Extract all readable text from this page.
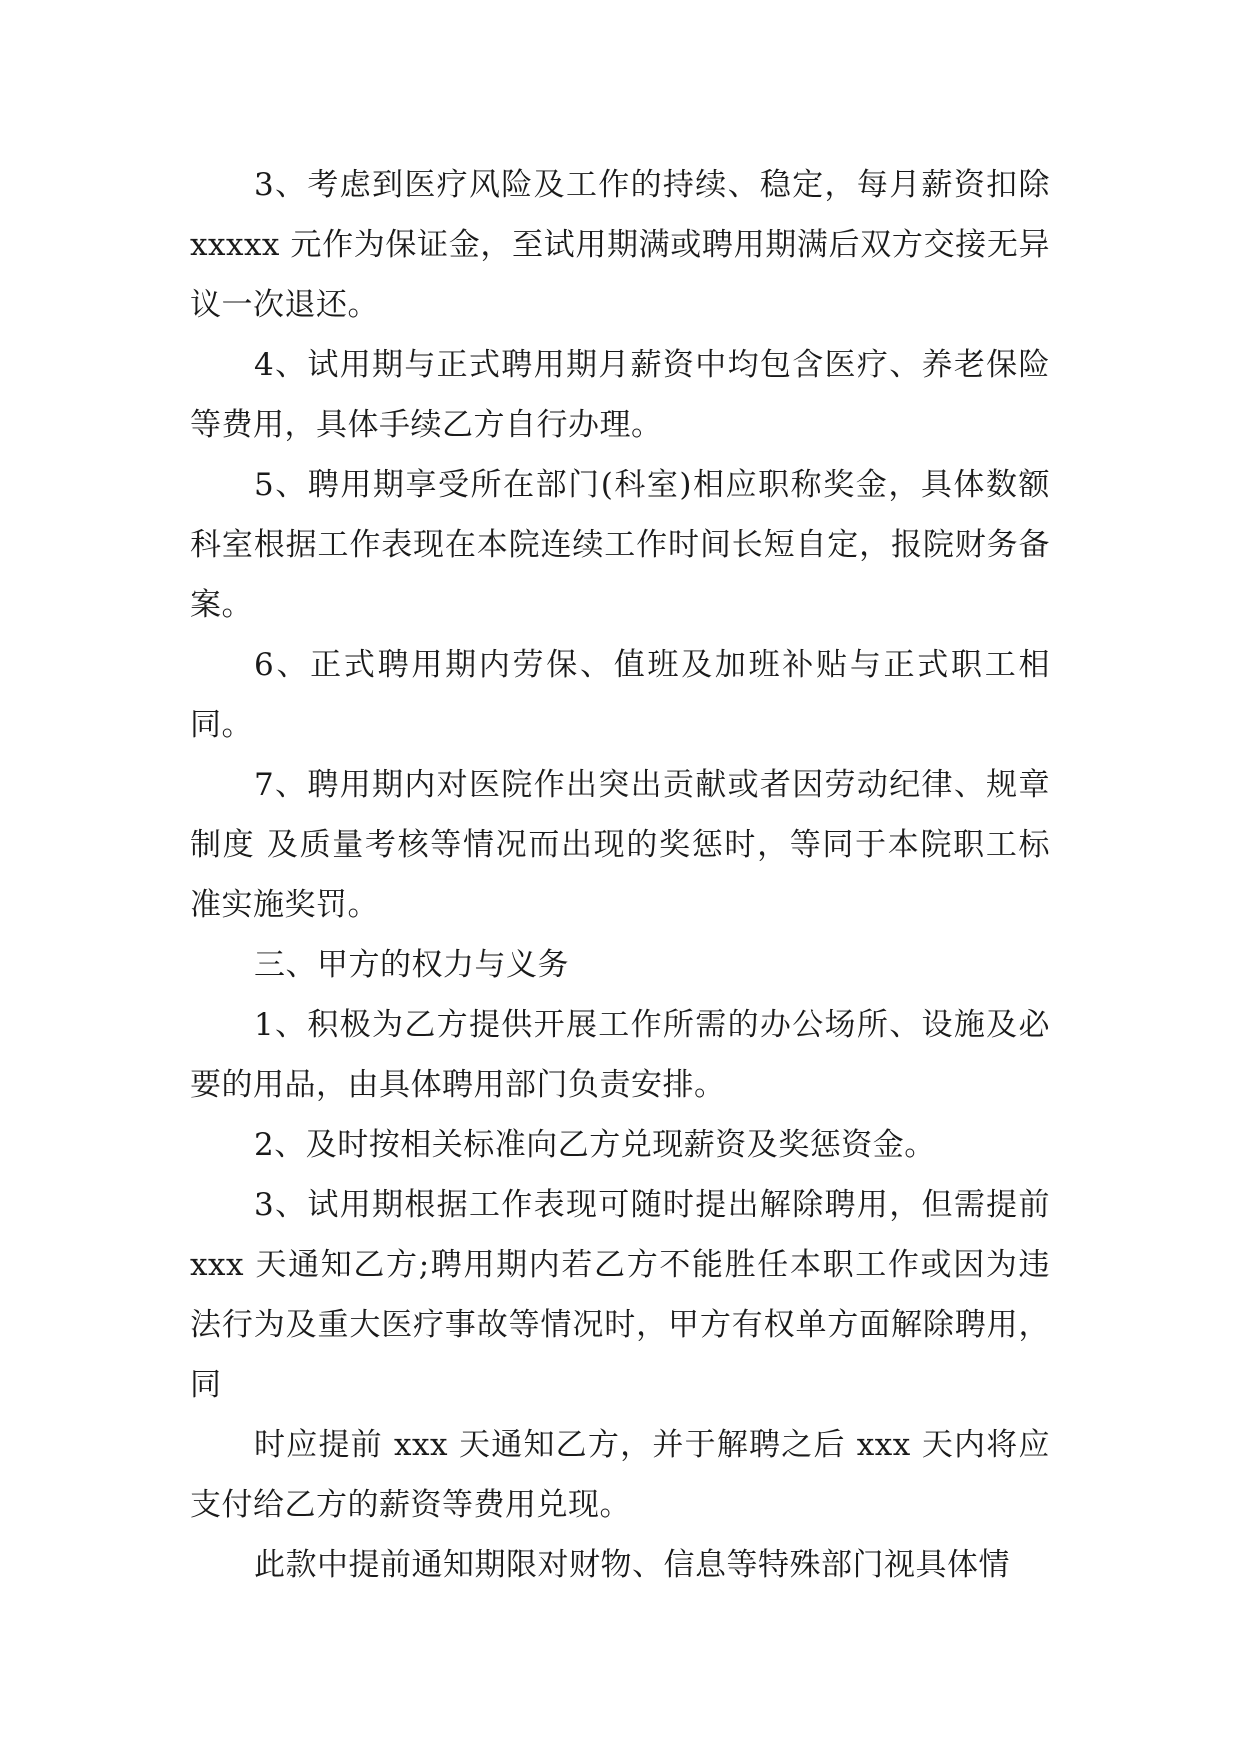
3、考虑到医疗风险及工作的持续、稳定，每月薪资扣除 xxxxx 元作为保证金，至试用期满或聘用期满后双方交接无异议一次退还。

4、试用期与正式聘用期月薪资中均包含医疗、养老保险等费用，具体手续乙方自行办理。

5、聘用期享受所在部门(科室)相应职称奖金，具体数额科室根据工作表现在本院连续工作时间长短自定，报院财务备案。

6、正式聘用期内劳保、值班及加班补贴与正式职工相同。

7、聘用期内对医院作出突出贡献或者因劳动纪律、规章制度 及质量考核等情况而出现的奖惩时，等同于本院职工标准实施奖罚。

三、甲方的权力与义务

1、积极为乙方提供开展工作所需的办公场所、设施及必要的用品，由具体聘用部门负责安排。

2、及时按相关标准向乙方兑现薪资及奖惩资金。

3、试用期根据工作表现可随时提出解除聘用，但需提前 xxx 天通知乙方;聘用期内若乙方不能胜任本职工作或因为违法行为及重大医疗事故等情况时，甲方有权单方面解除聘用，同

时应提前 xxx 天通知乙方，并于解聘之后 xxx 天内将应支付给乙方的薪资等费用兑现。

此款中提前通知期限对财物、信息等特殊部门视具体情
